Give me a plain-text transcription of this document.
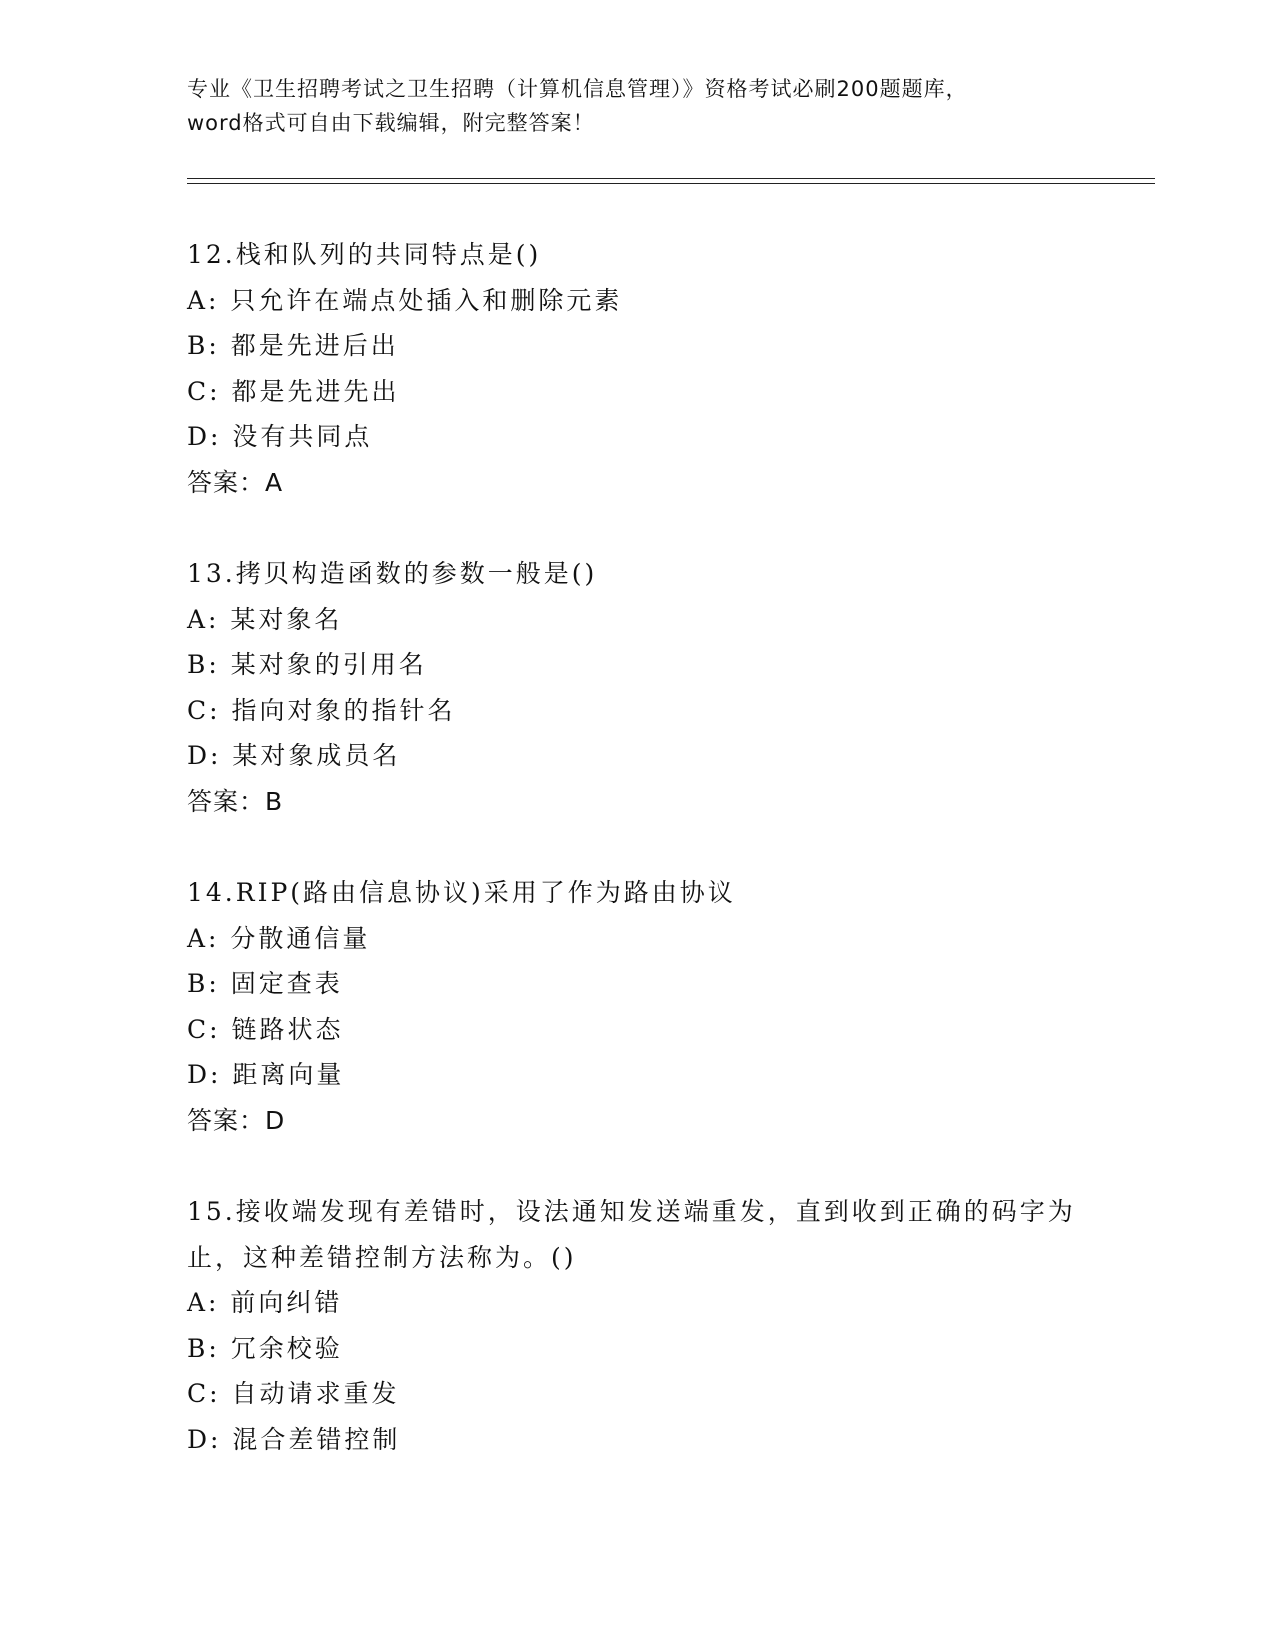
专业《卫生招聘考试之卫生招聘（计算机信息管理）》资格考试必刷200题题库，
word格式可自由下载编辑，附完整答案！
12.栈和队列的共同特点是()
A: 只允许在端点处插入和删除元素
B: 都是先进后出
C: 都是先进先出
D: 没有共同点
答案：A
13.拷贝构造函数的参数一般是()
A: 某对象名
B: 某对象的引用名
C: 指向对象的指针名
D: 某对象成员名
答案：B
14.RIP(路由信息协议)采用了作为路由协议
A: 分散通信量
B: 固定查表
C: 链路状态
D: 距离向量
答案：D
15.接收端发现有差错时，设法通知发送端重发，直到收到正确的码字为止，这种差错控制方法称为。()
A: 前向纠错
B: 冗余校验
C: 自动请求重发
D: 混合差错控制
